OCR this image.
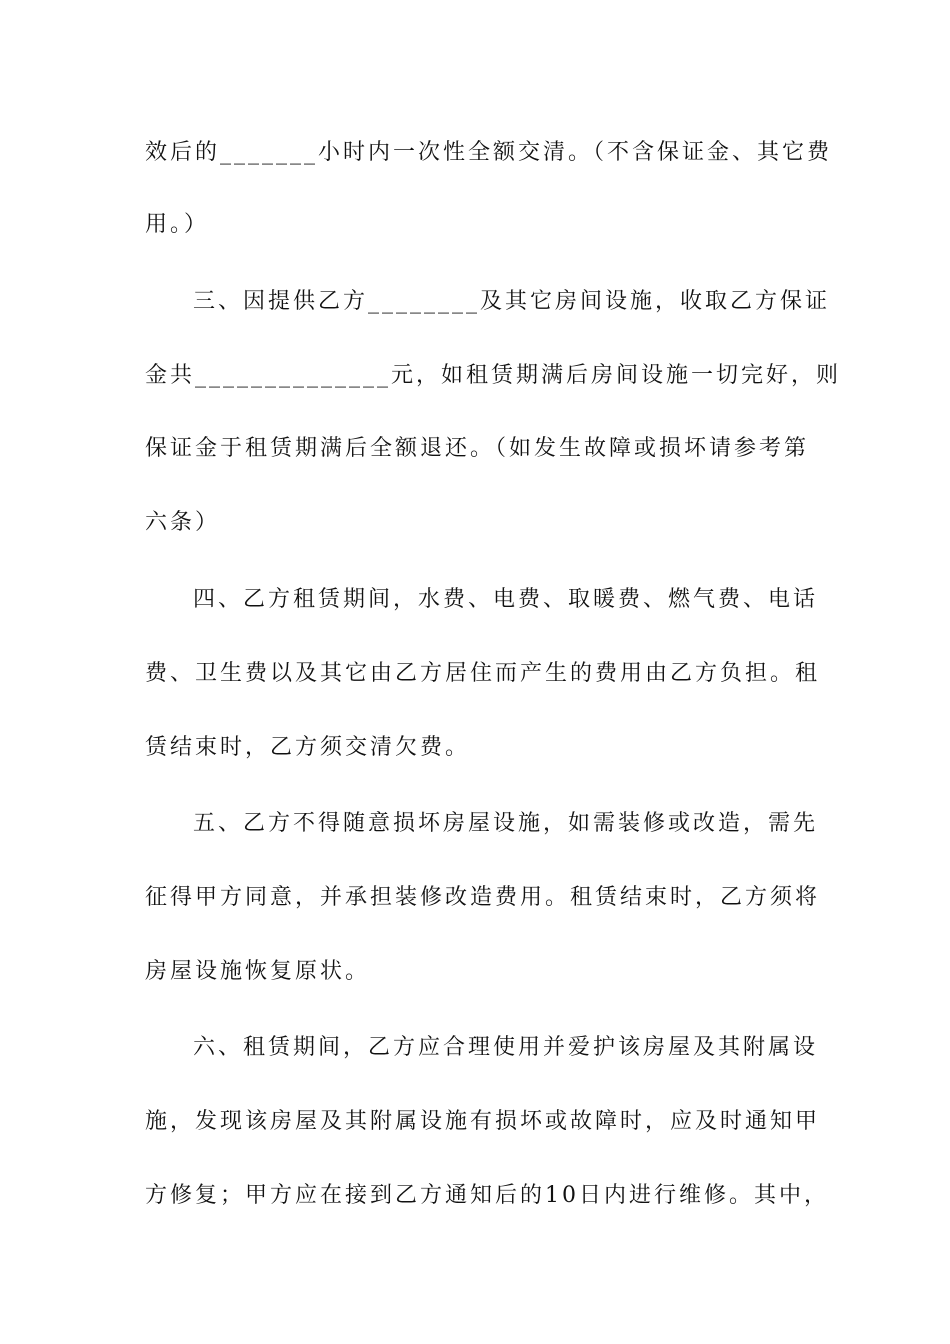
效后的_______小时内一次性全额交清。（不含保证金、其它费
用。）
三、因提供乙方________及其它房间设施，收取乙方保证
金共______________元，如租赁期满后房间设施一切完好，则
保证金于租赁期满后全额退还。（如发生故障或损坏请参考第
六条）
四、乙方租赁期间，水费、电费、取暖费、燃气费、电话
费、卫生费以及其它由乙方居住而产生的费用由乙方负担。租
赁结束时，乙方须交清欠费。
五、乙方不得随意损坏房屋设施，如需装修或改造，需先
征得甲方同意，并承担装修改造费用。租赁结束时，乙方须将
房屋设施恢复原状。
六、租赁期间，乙方应合理使用并爱护该房屋及其附属设
施，发现该房屋及其附属设施有损坏或故障时，应及时通知甲
方修复；甲方应在接到乙方通知后的10日内进行维修。其中，
